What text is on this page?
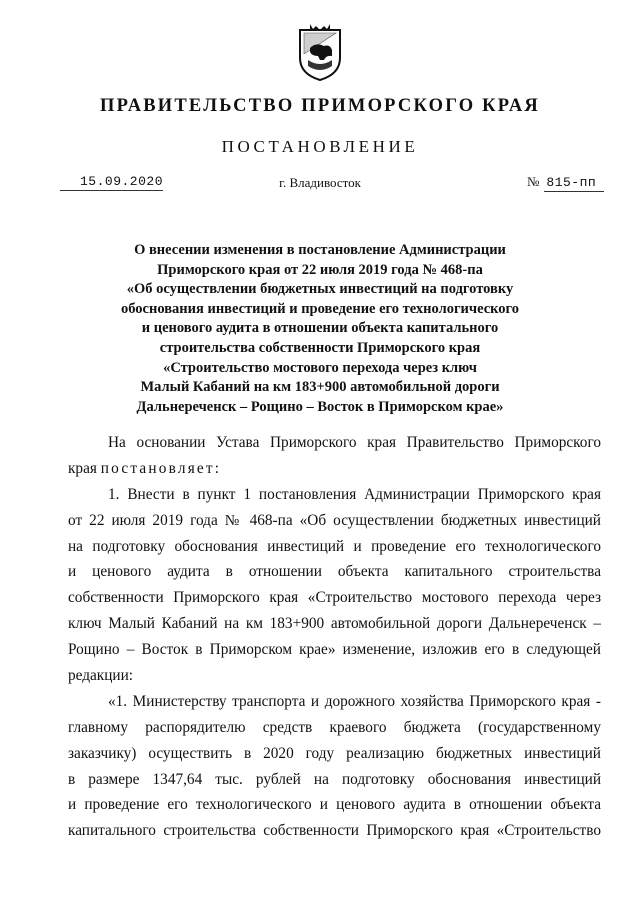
ПРАВИТЕЛЬСТВО ПРИМОРСКОГО КРАЯ
ПОСТАНОВЛЕНИЕ
15.09.2020	г. Владивосток	№ 815-пп
О внесении изменения в постановление Администрации
Приморского края от 22 июля 2019 года № 468-па
«Об осуществлении бюджетных инвестиций на подготовку
обоснования инвестиций и проведение его технологического
и ценового аудита в отношении объекта капитального
строительства собственности Приморского края
«Строительство мостового перехода через ключ
Малый Кабаний на км 183+900 автомобильной дороги
Дальнереченск – Рощино – Восток в Приморском крае»
На основании Устава Приморского края Правительство Приморского
края постановляет:
1. Внести в пункт 1 постановления Администрации Приморского края
от 22 июля 2019 года № 468-па «Об осуществлении бюджетных инвестиций
на подготовку обоснования инвестиций и проведение его технологического
и ценового аудита в отношении объекта капитального строительства
собственности Приморского края «Строительство мостового перехода через
ключ Малый Кабаний на км 183+900 автомобильной дороги Дальнереченск –
Рощино – Восток в Приморском крае» изменение, изложив его в следующей
редакции:
«1. Министерству транспорта и дорожного хозяйства Приморского края -
главному распорядителю средств краевого бюджета (государственному
заказчику) осуществить в 2020 году реализацию бюджетных инвестиций
в размере 1347,64 тыс. рублей на подготовку обоснования инвестиций
и проведение его технологического и ценового аудита в отношении объекта
капитального строительства собственности Приморского края «Строительство
